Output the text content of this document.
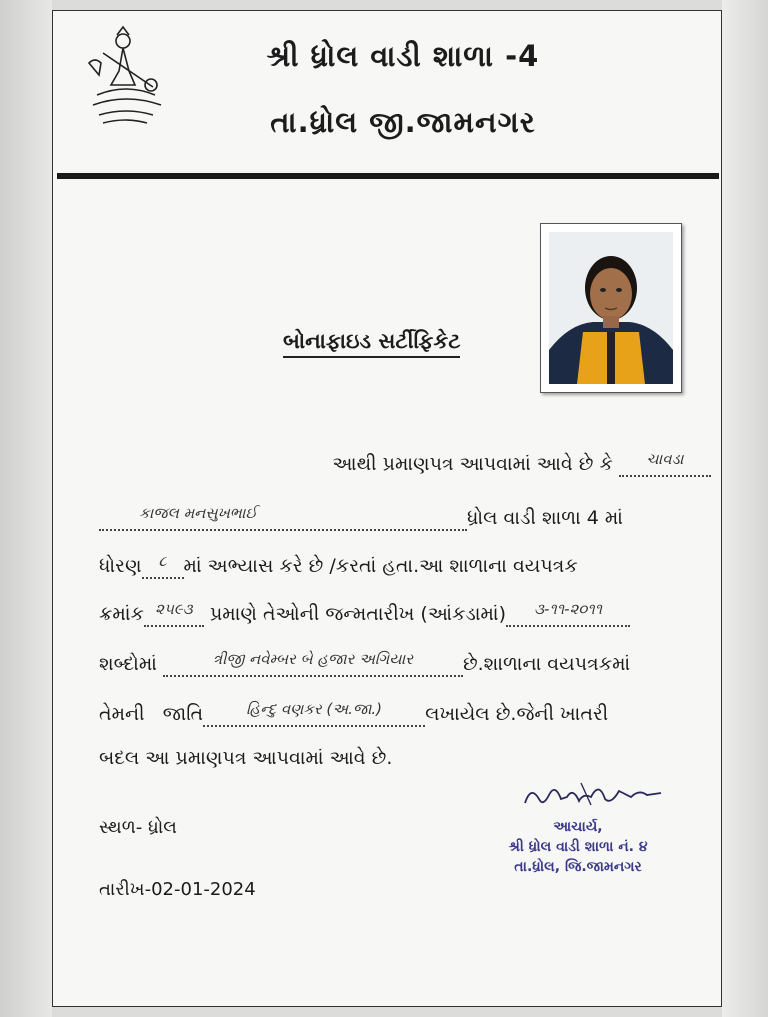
શ્રી ધ્રોલ વાડી શાળા -4
તા.ધ્રોલ જી.જામનગર
બોનાફાઇડ સર્ટીફિકેટ
આથી પ્રમાણપત્ર આપવામાં આવે છે કે $^{ચાવડા}$
$^{કાજલ મનસુખભાઈ}$	ધ્રોલ વાડી શાળા 4 માં
ધોરણ $^૮$ માં અભ્યાસ કરે છે /કરતાં હતા.આ શાળાના વયપત્રક
ક્રમાંક $^{૨૫૯૩}$ પ્રમાણે તેઓની જન્મતારીખ (આંકડામાં) $^{૩-૧૧-૨૦૧૧}$
શબ્દોમાં	$^{ત્રીજી નવેમ્બર બે હજાર અગિયાર}$	છે.શાળાના વયપત્રકમાં
તેમની   જાતિ	$^{હિન્દુ વણકર (અ.જા.)}$ લખાયેલ છે.જેની ખાતરી
બદલ આ પ્રમાણપત્ર આપવામાં આવે છે.
આચાર્ય,
શ્રી ધ્રોલ વાડી શાળા નં. ૪
તા.ધ્રોલ, જિ.જામનગર
સ્થળ- ધ્રોલ
તારીખ-02-01-2024
